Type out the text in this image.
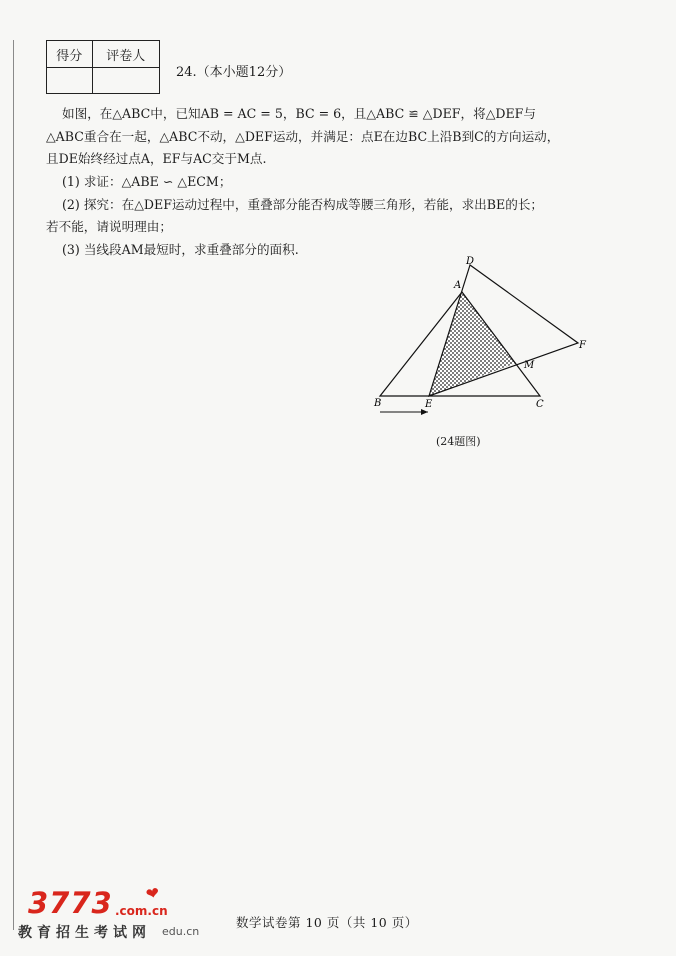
得分	评卷人

24.（本小题12分）
如图，在△ABC中，已知AB = AC = 5，BC = 6，且△ABC ≌ △DEF，将△DEF与
△ABC重合在一起，△ABC不动，△DEF运动，并满足：点E在边BC上沿B到C的方向运动，
且DE始终经过点A，EF与AC交于M点.
(1) 求证：△ABE ∽ △ECM；
(2) 探究：在△DEF运动过程中，重叠部分能否构成等腰三角形，若能，求出BE的长；
若不能，请说明理由；
(3) 当线段AM最短时，求重叠部分的面积.
A
B	C
D
E
F
M
(24题图)
数学试卷第 10 页（共 10 页）
3773 .com.cn
❤
教育招生考试网 edu.cn
